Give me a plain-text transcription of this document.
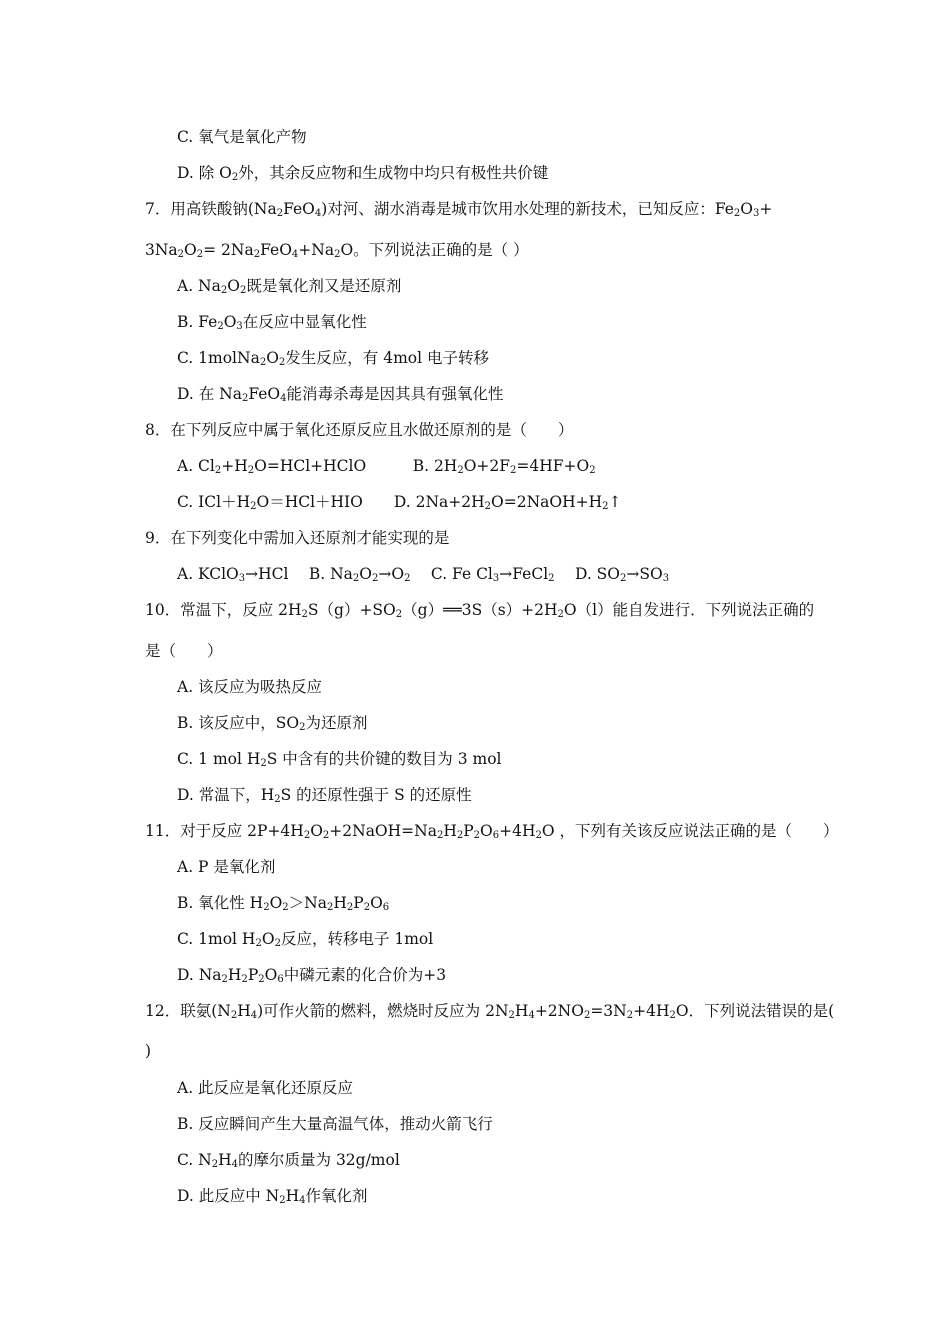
C. 氧气是氧化产物
D. 除 $O_2$外，其余反应物和生成物中均只有极性共价键
7．用高铁酸钠$(Na_2FeO_4)$对河、湖水消毒是城市饮用水处理的新技术，已知反应：$Fe_2O_3+$
$3Na_2O_2= 2Na_2FeO_4+Na_2O$。下列说法正确的是（ ）
A. $Na_2O_2$既是氧化剂又是还原剂
B. $Fe_2O_3$在反应中显氧化性
C. $1molNa_2O_2$发生反应，有 4mol 电子转移
D. 在 $Na_2FeO_4$能消毒杀毒是因其具有强氧化性
8．在下列反应中属于氧化还原反应且水做还原剂的是（　　）
A. $Cl_2+H_2O=HCl+HClO$　　　B. $2H_2O+2F_2=4HF+O_2$
C. $ICl+H_2O=HCl+HIO$　　D. $2Na+2H_2O=2NaOH+H_2↑$
9．在下列变化中需加入还原剂才能实现的是
A. KClO$_3$→HCl　 B. $Na_2O_2\to O_2$　 C. Fe $Cl_3\to FeCl_2$　 D. $SO_2\to SO_3$
10．常温下，反应 $2H_2S(g)+SO_2(g)══3S(s)+2H_2O(l)$能自发进行．下列说法正确的
是（　　）
A. 该反应为吸热反应
B. 该反应中，$SO_2$为还原剂
C. 1 mol $H_2S$ 中含有的共价键的数目为 3 mol
D. 常温下，$H_2S$ 的还原性强于 S 的还原性
11．对于反应 $2P+4H_2O_2+2NaOH=Na_2H_2P_2O_6+4H_2O$ ，下列有关该反应说法正确的是（　　）
A. P 是氧化剂
B. 氧化性 $H_2O_2>Na_2H_2P_2O_6$
C. 1mol $H_2O_2$反应，转移电子 1mol
D. $Na_2H_2P_2O_6$中磷元素的化合价为+3
12．联氨$(N_2H_4)$可作火箭的燃料，燃烧时反应为 $2N_2H_4+2NO_2=3N_2+4H_2O$．下列说法错误的是(
)
A. 此反应是氧化还原反应
B. 反应瞬间产生大量高温气体，推动火箭飞行
C. $N_2H_4$的摩尔质量为 32g/mol
D. 此反应中 $N_2H_4$作氧化剂
